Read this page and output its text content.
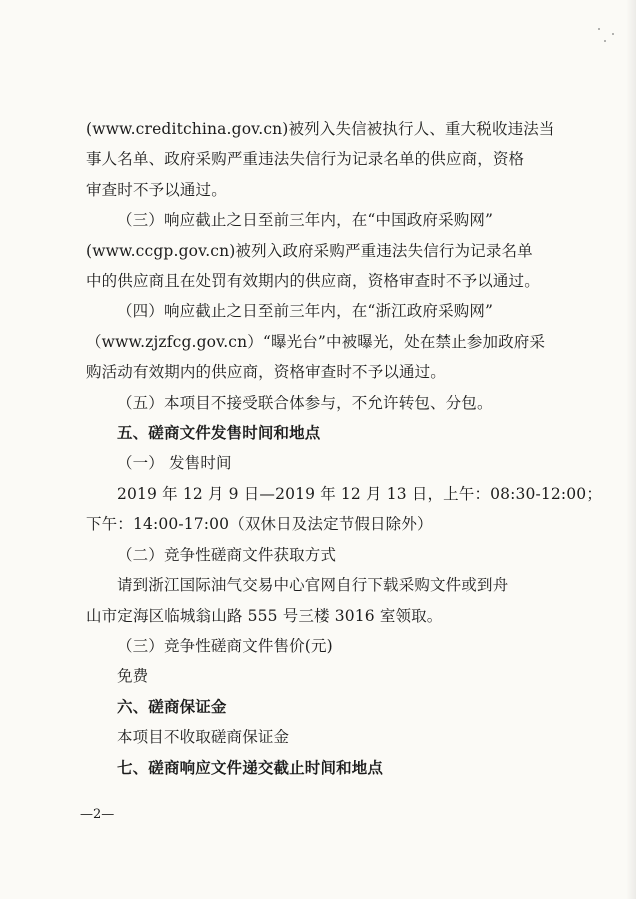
(www.creditchina.gov.cn)被列入失信被执行人、重大税收违法当
事人名单、政府采购严重违法失信行为记录名单的供应商，资格
审查时不予以通过。
（三）响应截止之日至前三年内，在“中国政府采购网”
(www.ccgp.gov.cn)被列入政府采购严重违法失信行为记录名单
中的供应商且在处罚有效期内的供应商，资格审查时不予以通过。
（四）响应截止之日至前三年内，在“浙江政府采购网”
（www.zjzfcg.gov.cn）“曝光台”中被曝光，处在禁止参加政府采
购活动有效期内的供应商，资格审查时不予以通过。
（五）本项目不接受联合体参与，不允许转包、分包。
五、磋商文件发售时间和地点
（一） 发售时间
2019 年 12 月 9 日—2019 年 12 月 13 日，上午：08:30-12:00；
下午：14:00-17:00（双休日及法定节假日除外）
（二）竞争性磋商文件获取方式
请到浙江国际油气交易中心官网自行下载采购文件或到舟
山市定海区临城翁山路 555 号三楼 3016 室领取。
（三）竞争性磋商文件售价(元)
免费
六、磋商保证金
本项目不收取磋商保证金
七、磋商响应文件递交截止时间和地点
—2—
